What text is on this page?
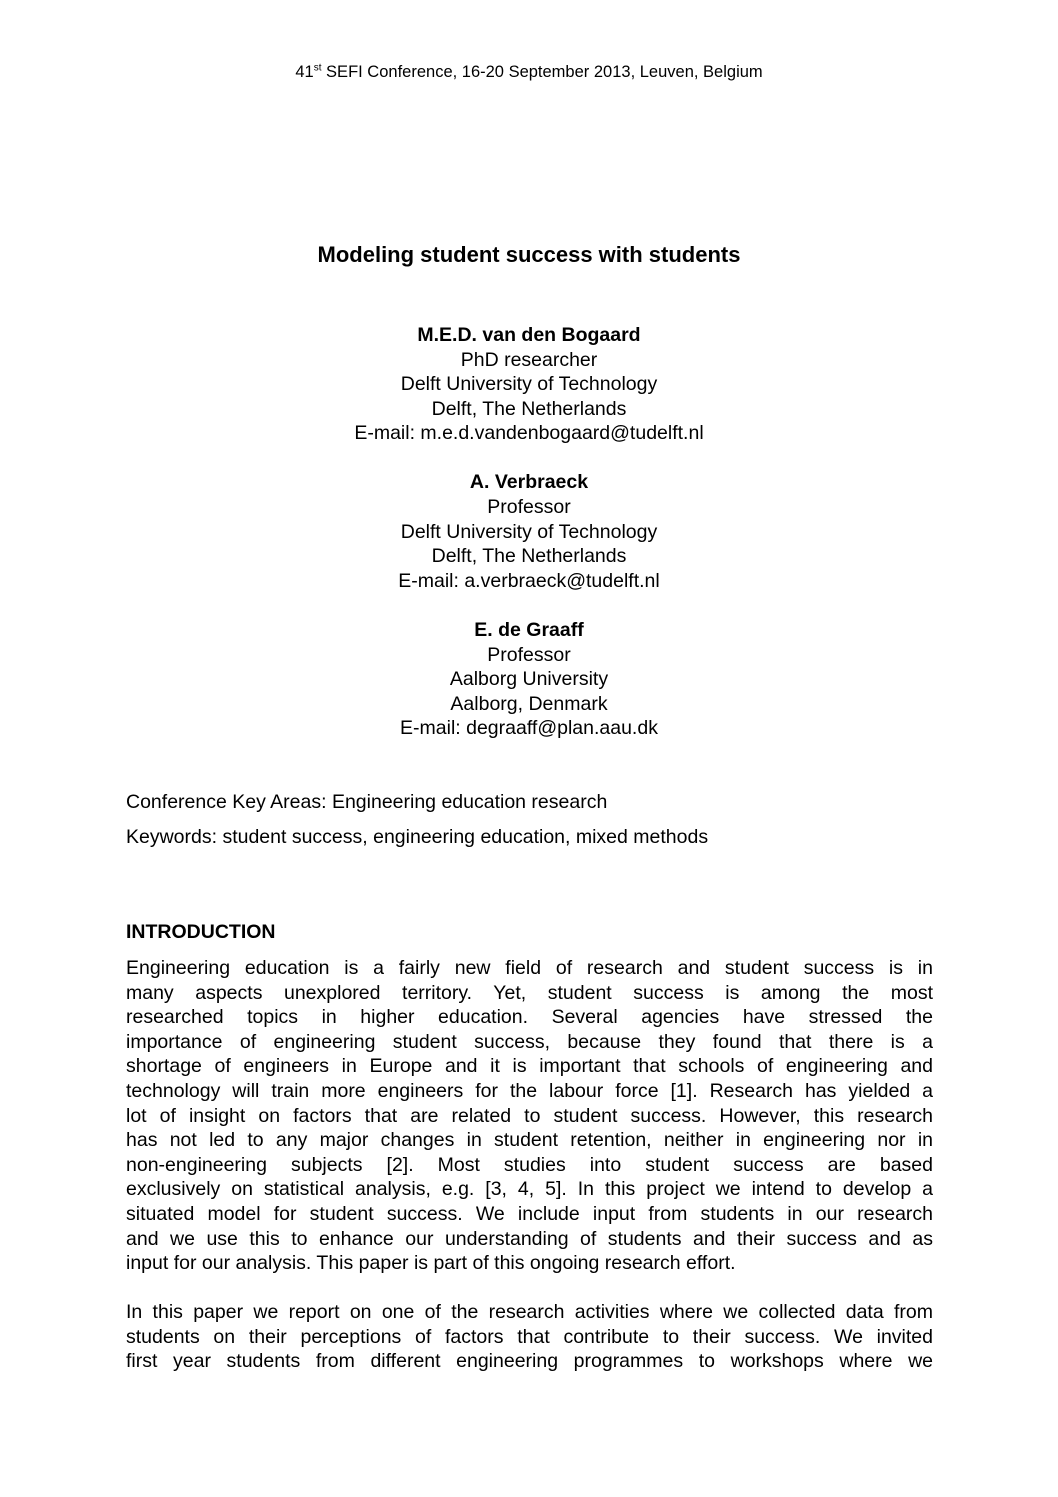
41st SEFI Conference, 16-20 September 2013, Leuven, Belgium
Modeling student success with students
M.E.D. van den Bogaard
PhD researcher
Delft University of Technology
Delft, The Netherlands
E-mail: m.e.d.vandenbogaard@tudelft.nl
A. Verbraeck
Professor
Delft University of Technology
Delft, The Netherlands
E-mail: a.verbraeck@tudelft.nl
E. de Graaff
Professor
Aalborg University
Aalborg, Denmark
E-mail: degraaff@plan.aau.dk
Conference Key Areas: Engineering education research
Keywords: student success, engineering education, mixed methods
INTRODUCTION
Engineering education is a fairly new field of research and student success is in
many aspects unexplored territory. Yet, student success is among the most
researched topics in higher education. Several agencies have stressed the
importance of engineering student success, because they found that there is a
shortage of engineers in Europe and it is important that schools of engineering and
technology will train more engineers for the labour force [1]. Research has yielded a
lot of insight on factors that are related to student success. However, this research
has not led to any major changes in student retention, neither in engineering nor in
non-engineering subjects [2]. Most studies into student success are based
exclusively on statistical analysis, e.g. [3, 4, 5]. In this project we intend to develop a
situated model for student success. We include input from students in our research
and we use this to enhance our understanding of students and their success and as
input for our analysis. This paper is part of this ongoing research effort.
In this paper we report on one of the research activities where we collected data from
students on their perceptions of factors that contribute to their success. We invited
first year students from different engineering programmes to workshops where we
